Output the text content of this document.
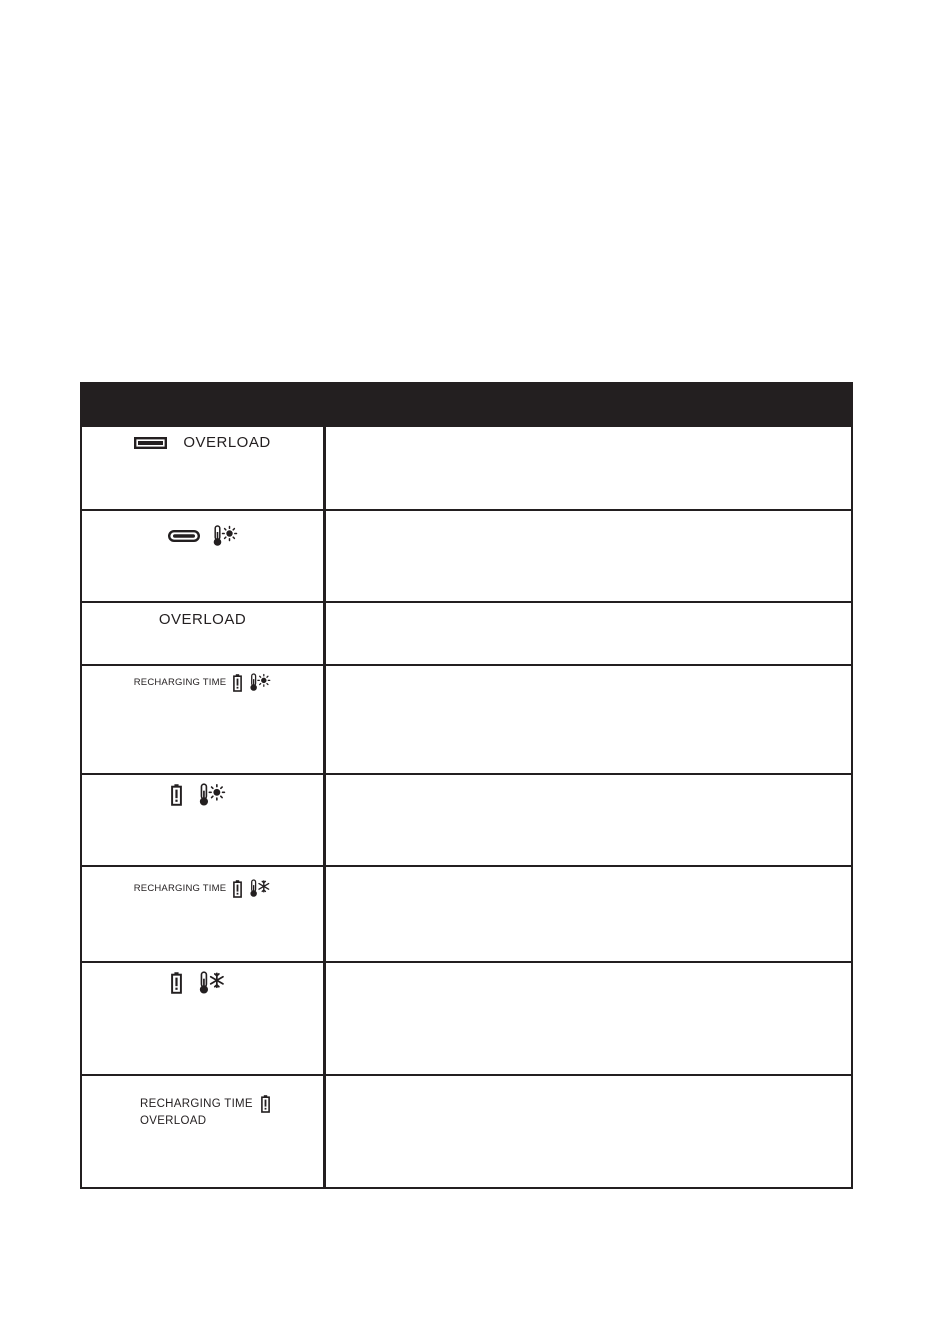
OVERLOAD
OVERLOAD
RECHARGING TIME
RECHARGING TIME
RECHARGING TIME
OVERLOAD
